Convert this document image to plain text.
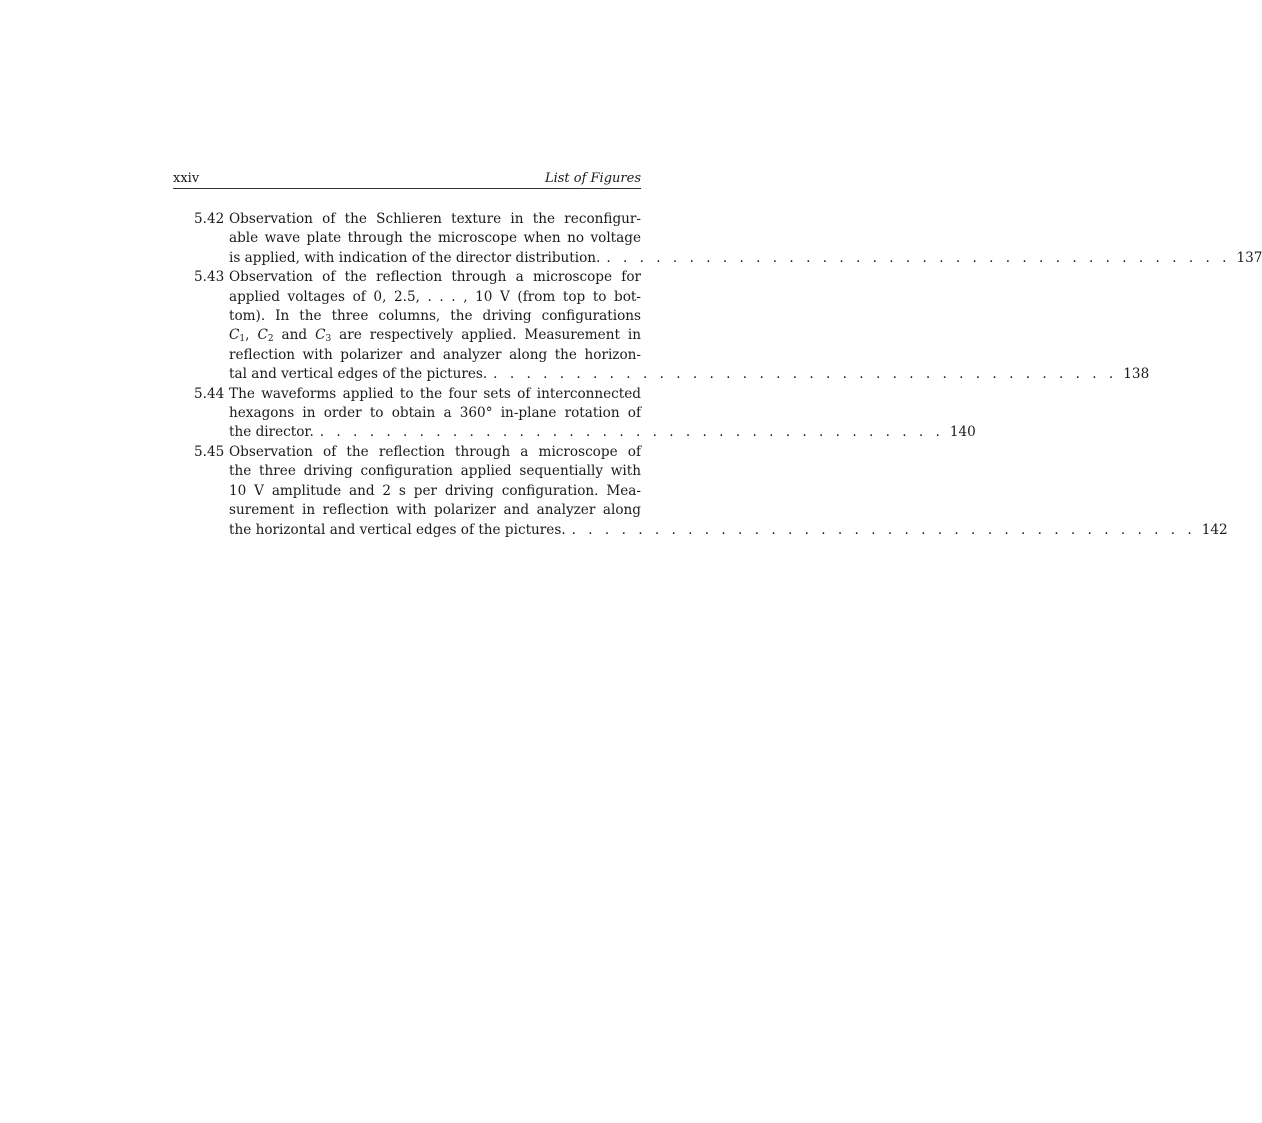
xxiv	List of Figures
5.42 Observation of the Schlieren texture in the reconfigur-
able wave plate through the microscope when no voltage
is applied, with indication of the director distribution. . . . . . . . . . . . . . . . . . . . . . . . . . . . . . . . . . . . . . . 137
5.43 Observation of the reflection through a microscope for
applied voltages of 0, 2.5, . . . , 10 V (from top to bot-
tom). In the three columns, the driving configurations
$C_1$, $C_2$ and $C_3$ are respectively applied. Measurement in
reflection with polarizer and analyzer along the horizon-
tal and vertical edges of the pictures. . . . . . . . . . . . . . . . . . . . . . . . . . . . . . . . . . . . . . . 138
5.44 The waveforms applied to the four sets of interconnected
hexagons in order to obtain a 360° in-plane rotation of
the director. . . . . . . . . . . . . . . . . . . . . . . . . . . . . . . . . . . . . . . 140
5.45 Observation of the reflection through a microscope of
the three driving configuration applied sequentially with
10 V amplitude and 2 s per driving configuration. Mea-
surement in reflection with polarizer and analyzer along
the horizontal and vertical edges of the pictures. . . . . . . . . . . . . . . . . . . . . . . . . . . . . . . . . . . . . . . 142
